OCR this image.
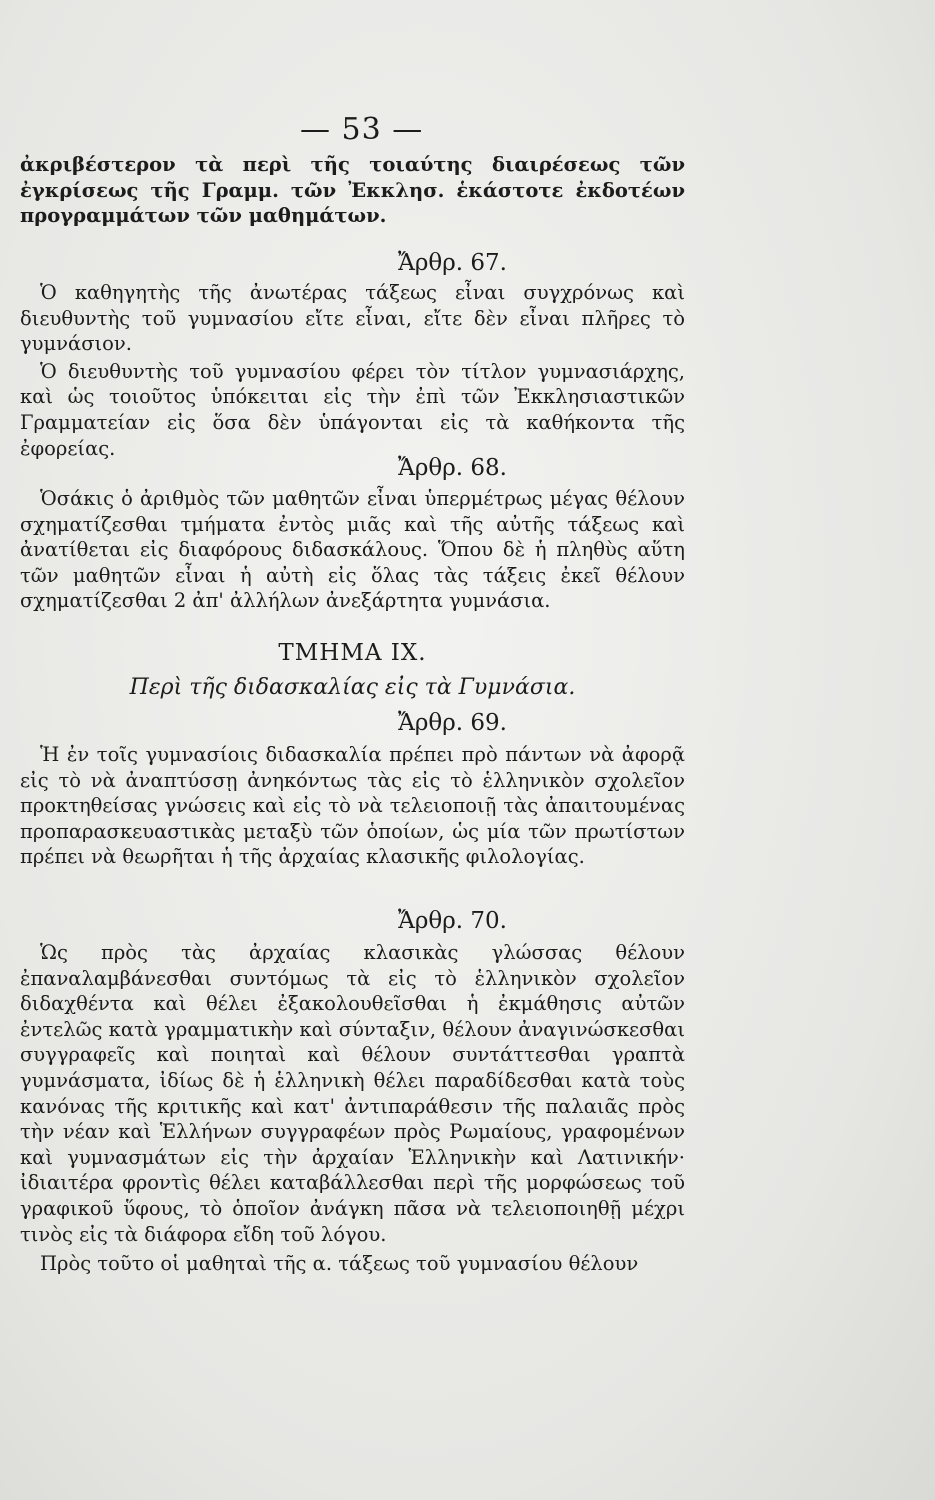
— 53 —

ἀκριβέστερον τὰ περὶ τῆς τοιαύτης διαιρέσεως τῶν ἐγκρίσεως τῆς Γραμμ. τῶν Ἐκκλησ. ἑκάστοτε ἐκδοτέων προγραμμάτων τῶν μαθημάτων.

Ἄρθρ. 67.

Ὁ καθηγητὴς τῆς ἀνωτέρας τάξεως εἶναι συγχρόνως καὶ διευθυντὴς τοῦ γυμνασίου εἴτε εἶναι, εἴτε δὲν εἶναι πλῆρες τὸ γυμνάσιον.

Ὁ διευθυντὴς τοῦ γυμνασίου φέρει τὸν τίτλον γυμνασιάρχης, καὶ ὡς τοιοῦτος ὑπόκειται εἰς τὴν ἐπὶ τῶν Ἐκκλησιαστικῶν Γραμματείαν εἰς ὅσα δὲν ὑπάγονται εἰς τὰ καθήκοντα τῆς ἐφορείας.

Ἄρθρ. 68.

Ὁσάκις ὁ ἀριθμὸς τῶν μαθητῶν εἶναι ὑπερμέτρως μέγας θέλουν σχηματίζεσθαι τμήματα ἐντὸς μιᾶς καὶ τῆς αὐτῆς τάξεως καὶ ἀνατίθεται εἰς διαφόρους διδασκάλους. Ὅπου δὲ ἡ πληθὺς αὕτη τῶν μαθητῶν εἶναι ἡ αὐτὴ εἰς ὅλας τὰς τάξεις ἐκεῖ θέλουν σχηματίζεσθαι 2 ἀπ' ἀλλήλων ἀνεξάρτητα γυμνάσια.

ΤΜΗΜΑ IX.
Περὶ τῆς διδασκαλίας εἰς τὰ Γυμνάσια.
Ἄρθρ. 69.

Ἡ ἐν τοῖς γυμνασίοις διδασκαλία πρέπει πρὸ πάντων νὰ ἀφορᾷ εἰς τὸ νὰ ἀναπτύσσῃ ἀνηκόντως τὰς εἰς τὸ ἑλληνικὸν σχολεῖον προκτηθείσας γνώσεις καὶ εἰς τὸ νὰ τελειοποιῇ τὰς ἀπαιτουμένας προπαρασκευαστικὰς μεταξὺ τῶν ὁποίων, ὡς μία τῶν πρωτίστων πρέπει νὰ θεωρῆται ἡ τῆς ἀρχαίας κλασικῆς φιλολογίας.

Ἄρθρ. 70.

Ὡς πρὸς τὰς ἀρχαίας κλασικὰς γλώσσας θέλουν ἐπαναλαμβάνεσθαι συντόμως τὰ εἰς τὸ ἑλληνικὸν σχολεῖον διδαχθέντα καὶ θέλει ἐξακολουθεῖσθαι ἡ ἐκμάθησις αὐτῶν ἐντελῶς κατὰ γραμματικὴν καὶ σύνταξιν, θέλουν ἀναγινώσκεσθαι συγγραφεῖς καὶ ποιηταὶ καὶ θέλουν συντάττεσθαι γραπτὰ γυμνάσματα, ἰδίως δὲ ἡ ἑλληνικὴ θέλει παραδίδεσθαι κατὰ τοὺς κανόνας τῆς κριτικῆς καὶ κατ' ἀντιπαράθεσιν τῆς παλαιᾶς πρὸς τὴν νέαν καὶ Ἑλλήνων συγγραφέων πρὸς Ρωμαίους, γραφομένων καὶ γυμνασμάτων εἰς τὴν ἀρχαίαν Ἑλληνικὴν καὶ Λατινικήν· ἰδιαιτέρα φροντὶς θέλει καταβάλλεσθαι περὶ τῆς μορφώσεως τοῦ γραφικοῦ ὕφους, τὸ ὁποῖον ἀνάγκη πᾶσα νὰ τελειοποιηθῇ μέχρι τινὸς εἰς τὰ διάφορα εἴδη τοῦ λόγου.

Πρὸς τοῦτο οἱ μαθηταὶ τῆς α. τάξεως τοῦ γυμνασίου θέλουν
